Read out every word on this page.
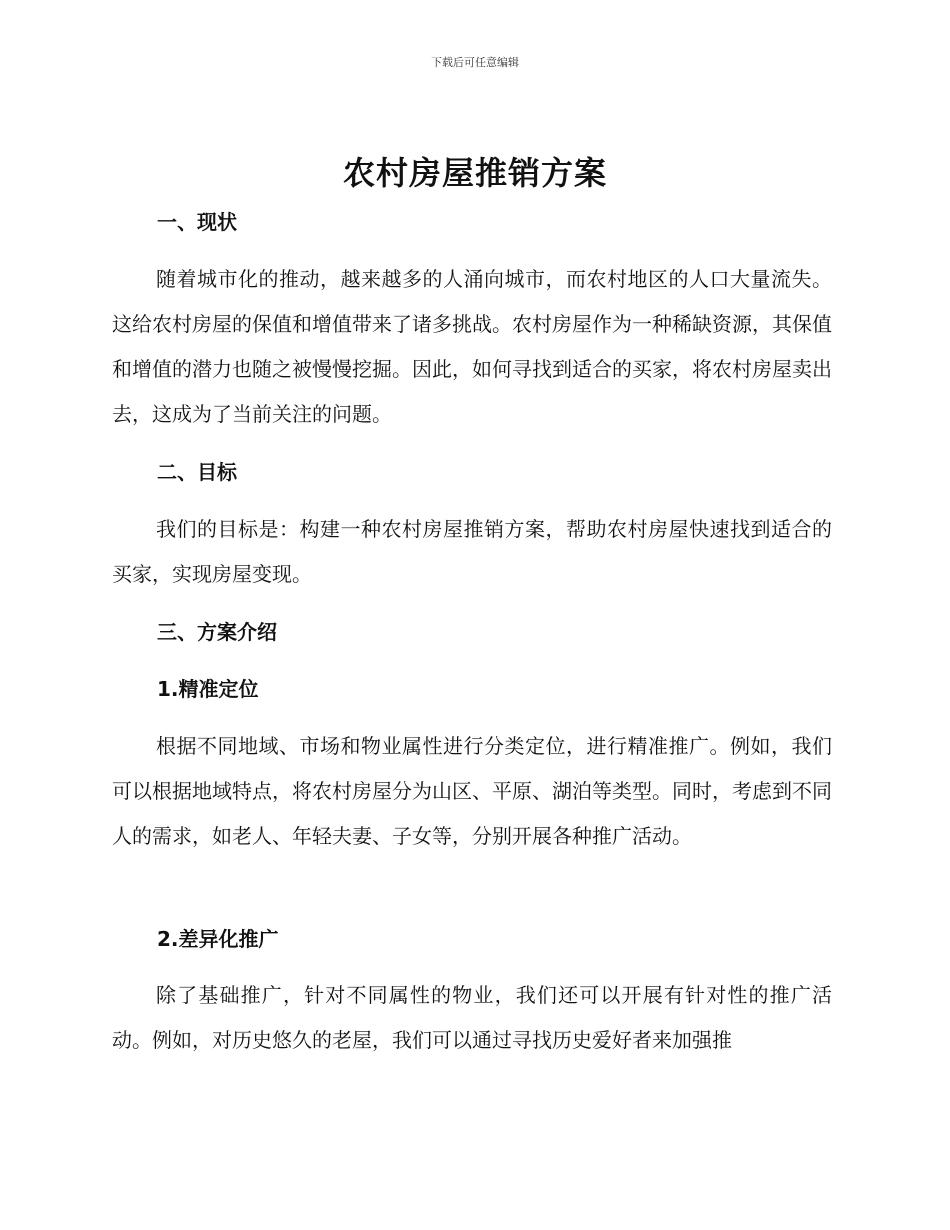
下载后可任意编辑
农村房屋推销方案
一、现状

随着城市化的推动，越来越多的人涌向城市，而农村地区的人口大量流失。这给农村房屋的保值和增值带来了诸多挑战。农村房屋作为一种稀缺资源，其保值和增值的潜力也随之被慢慢挖掘。因此，如何寻找到适合的买家，将农村房屋卖出去，这成为了当前关注的问题。

二、目标

我们的目标是：构建一种农村房屋推销方案，帮助农村房屋快速找到适合的买家，实现房屋变现。

三、方案介绍
1.精准定位

根据不同地域、市场和物业属性进行分类定位，进行精准推广。例如，我们可以根据地域特点，将农村房屋分为山区、平原、湖泊等类型。同时，考虑到不同人的需求，如老人、年轻夫妻、子女等，分别开展各种推广活动。

2.差异化推广

除了基础推广，针对不同属性的物业，我们还可以开展有针对性的推广活动。例如，对历史悠久的老屋，我们可以通过寻找历史爱好者来加强推
